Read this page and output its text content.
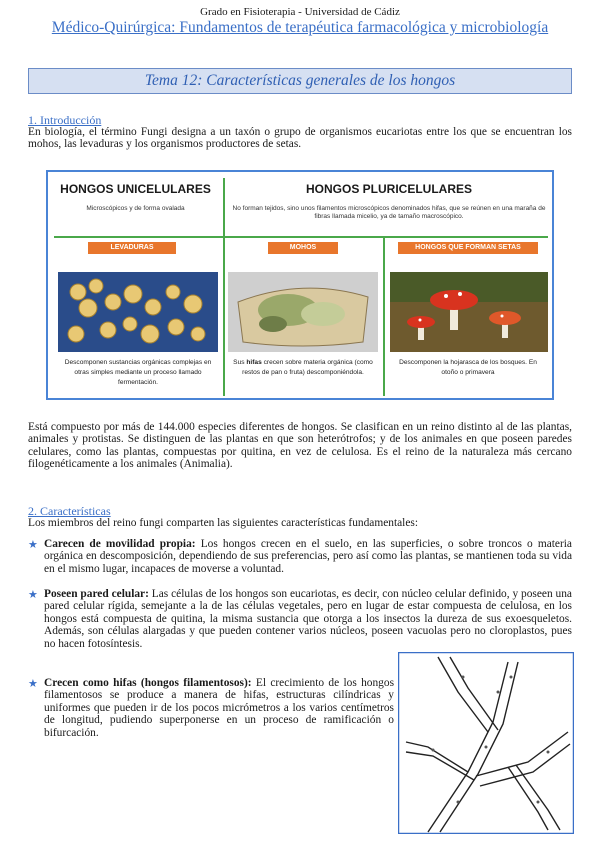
Grado en Fisioterapia - Universidad de Cádiz
Médico-Quirúrgica: Fundamentos de terapéutica farmacológica y microbiología
Tema 12: Características generales de los hongos
1. Introducción
En biología, el término Fungi designa a un taxón o grupo de organismos eucariotas entre los que se encuentran los mohos, las levaduras y los organismos productores de setas.
HONGOS UNICELULARES	HONGOS PLURICELULARES
Microscópicos y de forma ovalada	No forman tejidos, sino unos filamentos microscópicos denominados hifas, que se reúnen en una maraña de fibras llamada micelio, ya de tamaño macroscópico.
LEVADURAS	MOHOS	HONGOS QUE FORMAN SETAS
Descomponen sustancias orgánicas complejas en otras simples mediante un proceso llamado fermentación.
Sus hifas crecen sobre materia orgánica (como restos de pan o fruta) descomponiéndola.
Descomponen la hojarasca de los bosques. En otoño o primavera
Está compuesto por más de 144.000 especies diferentes de hongos. Se clasifican en un reino distinto al de las plantas, animales y protistas. Se distinguen de las plantas en que son heterótrofos; y de los animales en que poseen paredes celulares, como las plantas, compuestas por quitina, en vez de celulosa. Es el reino de la naturaleza más cercano filogenéticamente a los animales (Animalia).
2. Características
Los miembros del reino fungi comparten las siguientes características fundamentales:
★ Carecen de movilidad propia: Los hongos crecen en el suelo, en las superficies, o sobre troncos o materia orgánica en descomposición, dependiendo de sus preferencias, pero así como las plantas, se mantienen toda su vida en el mismo lugar, incapaces de moverse a voluntad.
★ Poseen pared celular: Las células de los hongos son eucariotas, es decir, con núcleo celular definido, y poseen una pared celular rígida, semejante a la de las células vegetales, pero en lugar de estar compuesta de celulosa, en los hongos está compuesta de quitina, la misma sustancia que otorga a los insectos la dureza de sus exoesqueletos. Además, son células alargadas y que pueden contener varios núcleos, poseen vacuolas pero no cloroplastos, pues no hacen fotosíntesis.
★ Crecen como hifas (hongos filamentosos): El crecimiento de los hongos filamentosos se produce a manera de hifas, estructuras cilíndricas y uniformes que pueden ir de los pocos micrómetros a los varios centímetros de longitud, pudiendo superponerse en un proceso de ramificación o bifurcación.
